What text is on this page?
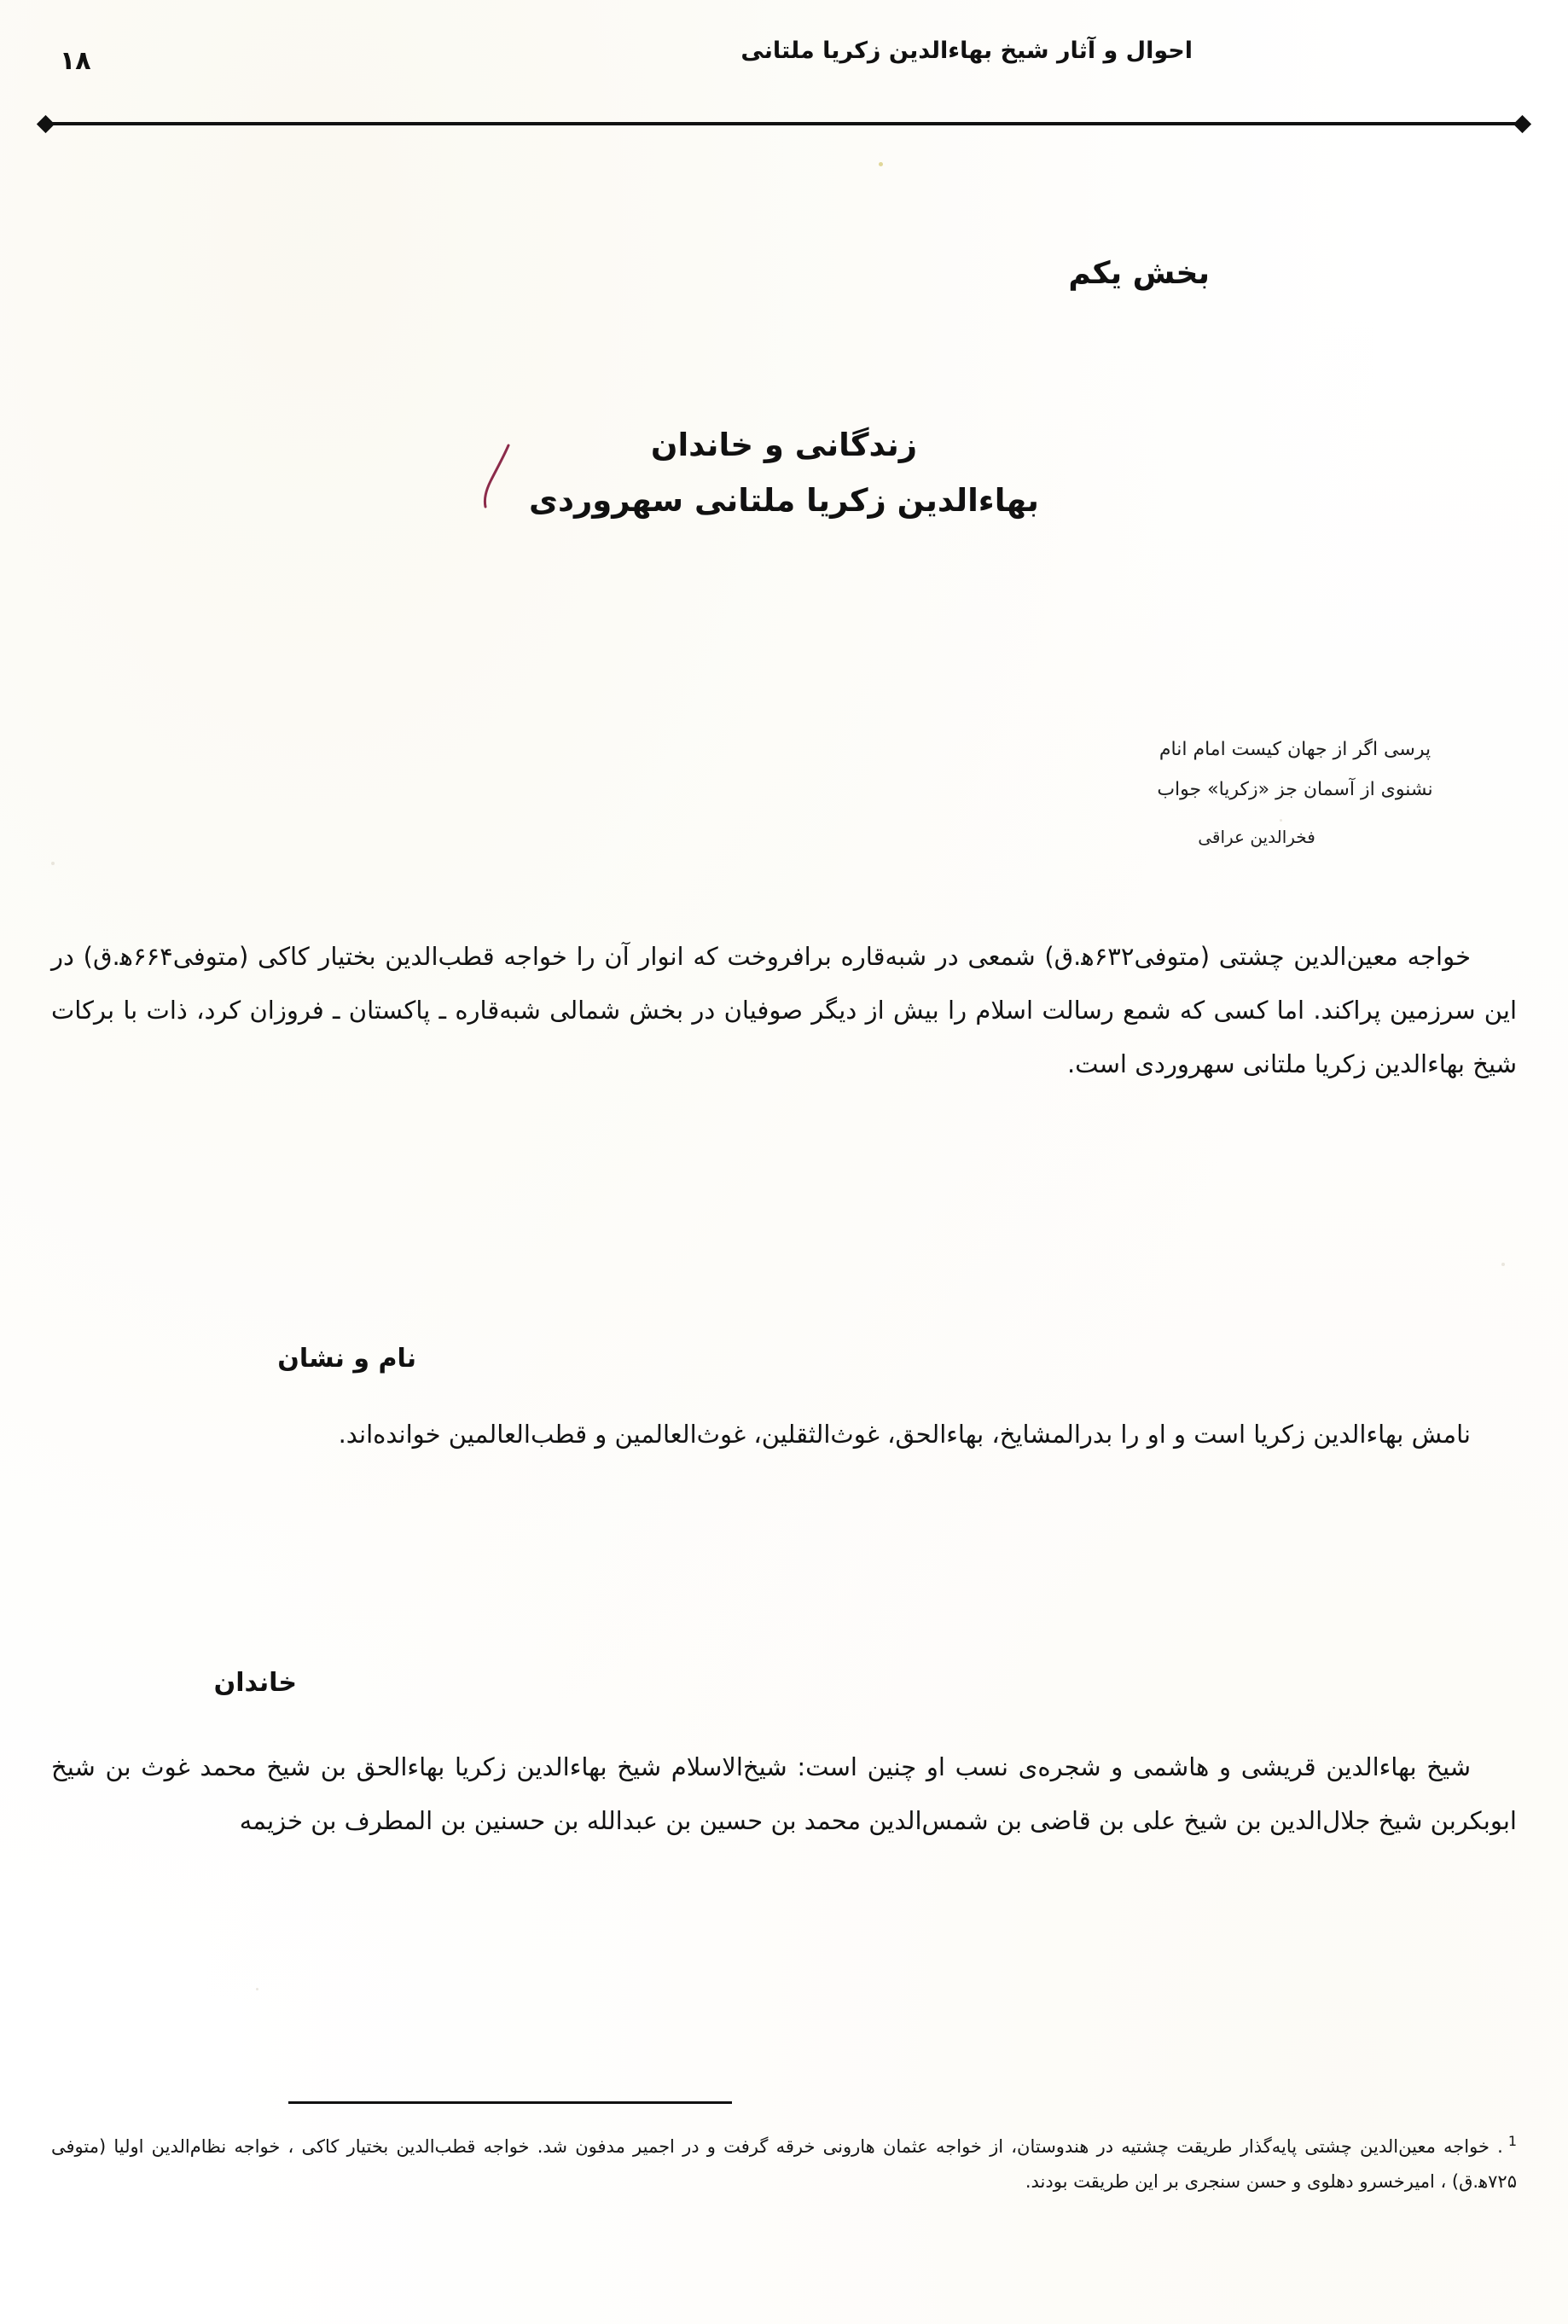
احوال و آثار شیخ بهاءالدین زکریا ملتانی
۱۸
بخش یکم
زندگانی و خاندان
بهاءالدین زکریا ملتانی سهروردی
پرسی اگر از جهان کیست امام انام
نشنوی از آسمان جز «زکریا» جواب
فخرالدین عراقی
خواجه معین‌الدین چشتی (متوفی۶۳۲ه‍.ق) شمعی در شبه‌قاره برافروخت که انوار آن را خواجه قطب‌الدین بختیار کاکی (متوفی۶۶۴ه‍.ق) در این سرزمین پراکند. اما کسی که شمع رسالت اسلام را بیش از دیگر صوفیان در بخش شمالی شبه‌قاره ـ پاکستان ـ فروزان کرد، ذات با برکات شیخ بهاءالدین زکریا ملتانی سهروردی است.
نام و نشان
نامش بهاءالدین زکریا است و او را بدرالمشایخ، بهاءالحق، غوث‌الثقلین، غوث‌العالمین و قطب‌العالمین خوانده‌اند.
خاندان
شیخ بهاءالدین قریشی و هاشمی و شجره‌ی نسب او چنین است: شیخ‌الاسلام شیخ بهاءالدین زکریا بهاءالحق بن شیخ محمد غوث بن شیخ ابوبکربن شیخ جلال‌الدین بن شیخ علی بن قاضی بن شمس‌الدین محمد بن حسین بن عبدالله بن حسنین بن المطرف بن خزیمه
$^1$. خواجه معین‌الدین چشتی پایه‌گذار طریقت چشتیه در هندوستان، از خواجه عثمان هارونی خرقه گرفت و در اجمیر مدفون شد. خواجه قطب‌الدین بختیار کاکی ، خواجه نظام‌الدین اولیا (متوفی ۷۲۵ه‍.ق) ، امیرخسرو دهلوی و حسن سنجری بر این طریقت بودند.
